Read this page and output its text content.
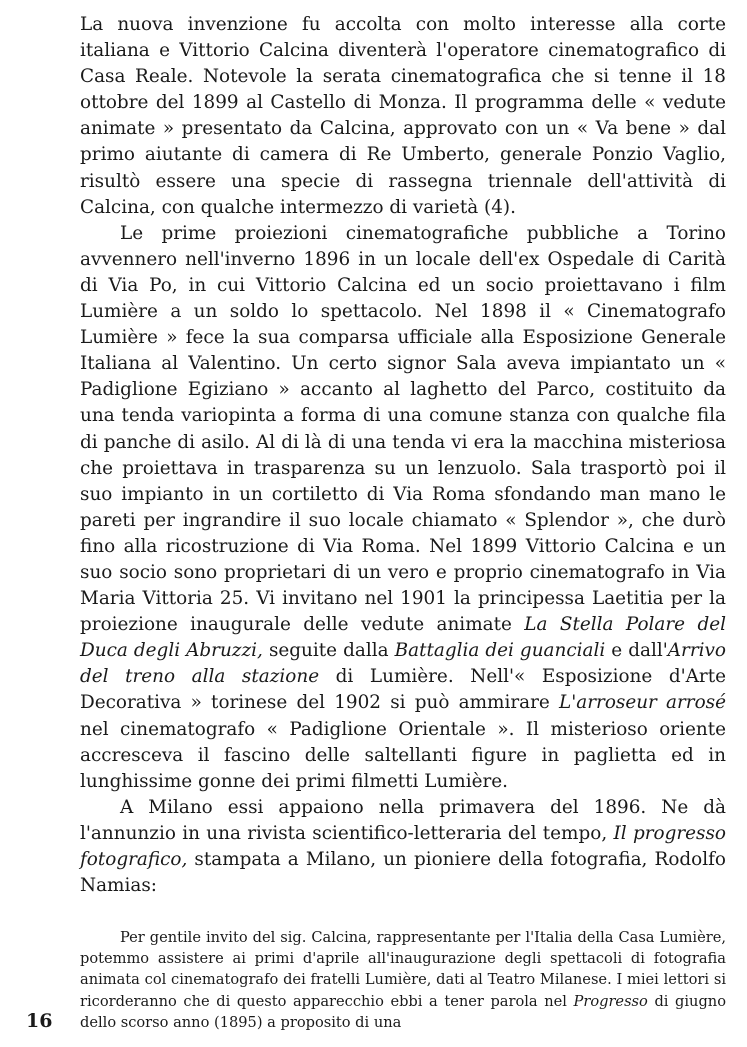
La nuova invenzione fu accolta con molto interesse alla corte italiana e Vittorio Calcina diventerà l'operatore cinematografico di Casa Reale. Notevole la serata cinematografica che si tenne il 18 ottobre del 1899 al Castello di Monza. Il programma delle « vedute animate » presentato da Calcina, approvato con un « Va bene » dal primo aiutante di camera di Re Umberto, generale Ponzio Vaglio, risultò essere una specie di rassegna triennale dell'attività di Calcina, con qualche intermezzo di varietà (4).

Le prime proiezioni cinematografiche pubbliche a Torino avvennero nell'inverno 1896 in un locale dell'ex Ospedale di Carità di Via Po, in cui Vittorio Calcina ed un socio proiettavano i film Lumière a un soldo lo spettacolo. Nel 1898 il « Cinematografo Lumière » fece la sua comparsa ufficiale alla Esposizione Generale Italiana al Valentino. Un certo signor Sala aveva impiantato un « Padiglione Egiziano » accanto al laghetto del Parco, costituito da una tenda variopinta a forma di una comune stanza con qualche fila di panche di asilo. Al di là di una tenda vi era la macchina misteriosa che proiettava in trasparenza su un lenzuolo. Sala trasportò poi il suo impianto in un cortiletto di Via Roma sfondando man mano le pareti per ingrandire il suo locale chiamato « Splendor », che durò fino alla ricostruzione di Via Roma. Nel 1899 Vittorio Calcina e un suo socio sono proprietari di un vero e proprio cinematografo in Via Maria Vittoria 25. Vi invitano nel 1901 la principessa Laetitia per la proiezione inaugurale delle vedute animate La Stella Polare del Duca degli Abruzzi, seguite dalla Battaglia dei guanciali e dall'Arrivo del treno alla stazione di Lumière. Nell'« Esposizione d'Arte Decorativa » torinese del 1902 si può ammirare L'arroseur arrosé nel cinematografo « Padiglione Orientale ». Il misterioso oriente accresceva il fascino delle saltellanti figure in paglietta ed in lunghissime gonne dei primi filmetti Lumière.

A Milano essi appaiono nella primavera del 1896. Ne dà l'annunzio in una rivista scientifico-letteraria del tempo, Il progresso fotografico, stampata a Milano, un pioniere della fotografia, Rodolfo Namias:

Per gentile invito del sig. Calcina, rappresentante per l'Italia della Casa Lumière, potemmo assistere ai primi d'aprile all'inaugurazione degli spettacoli di fotografia animata col cinematografo dei fratelli Lumière, dati al Teatro Milanese. I miei lettori si ricorderanno che di questo apparecchio ebbi a tener parola nel Progresso di giugno dello scorso anno (1895) a proposito di una

16
